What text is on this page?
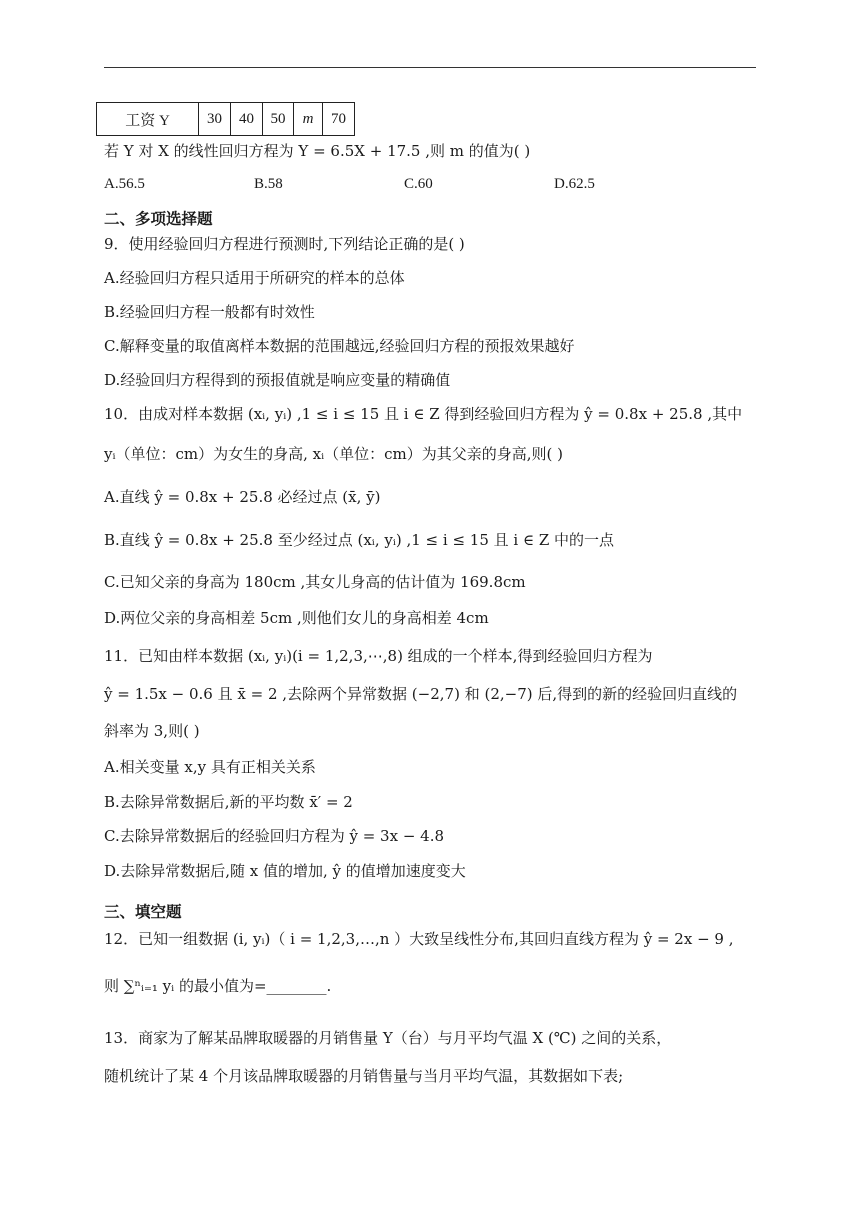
工资 Y	30	40	50	m	70
若 Y 对 X 的线性回归方程为 Y = 6.5X + 17.5 ,则 m 的值为( )
A.56.5	B.58	C.60	D.62.5
二、多项选择题
9．使用经验回归方程进行预测时,下列结论正确的是( )
A.经验回归方程只适用于所研究的样本的总体
B.经验回归方程一般都有时效性
C.解释变量的取值离样本数据的范围越远,经验回归方程的预报效果越好
D.经验回归方程得到的预报值就是响应变量的精确值
10．由成对样本数据 (xᵢ, yᵢ) ,1 ≤ i ≤ 15 且 i ∈ Z 得到经验回归方程为 ŷ = 0.8x + 25.8 ,其中
yᵢ（单位：cm）为女生的身高, xᵢ（单位：cm）为其父亲的身高,则( )
A.直线 ŷ = 0.8x + 25.8 必经过点 (x̄, ȳ)
B.直线 ŷ = 0.8x + 25.8 至少经过点 (xᵢ, yᵢ) ,1 ≤ i ≤ 15 且 i ∈ Z 中的一点
C.已知父亲的身高为 180cm ,其女儿身高的估计值为 169.8cm
D.两位父亲的身高相差 5cm ,则他们女儿的身高相差 4cm
11．已知由样本数据 (xᵢ, yᵢ)(i = 1,2,3,⋯,8) 组成的一个样本,得到经验回归方程为
ŷ = 1.5x − 0.6 且 x̄ = 2 ,去除两个异常数据 (−2,7) 和 (2,−7) 后,得到的新的经验回归直线的
斜率为 3,则( )
A.相关变量 x,y 具有正相关关系
B.去除异常数据后,新的平均数 x̄′ = 2
C.去除异常数据后的经验回归方程为 ŷ = 3x − 4.8
D.去除异常数据后,随 x 值的增加, ŷ 的值增加速度变大
三、填空题
12．已知一组数据 (i, yᵢ)（ i = 1,2,3,…,n ）大致呈线性分布,其回归直线方程为 ŷ = 2x − 9 ,
则 ∑ⁿᵢ₌₁ yᵢ 的最小值为=________.
13．商家为了解某品牌取暖器的月销售量 Y（台）与月平均气温 X (℃) 之间的关系，
随机统计了某 4 个月该品牌取暖器的月销售量与当月平均气温，其数据如下表;
